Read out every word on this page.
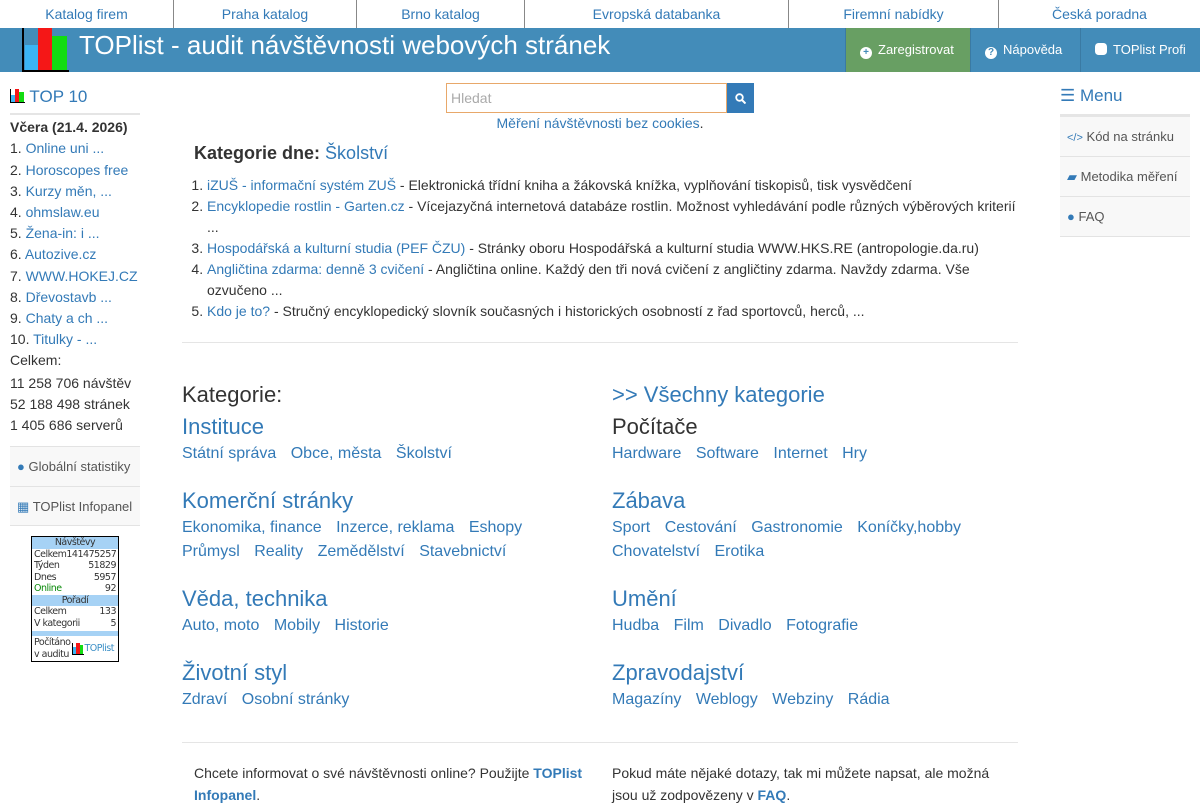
Katalog firem	Praha katalog	Brno katalog	Evropská databanka	Firemní nabídky	Česká poradna
TOPlist - audit návštěvnosti webových stránek	+ Zaregistrovat	? Nápověda	TOPlist Profi
TOP 10
Včera (21.4. 2026)
1. Online uni ...
2. Horoscopes free
3. Kurzy měn, ...
4. ohmslaw.eu
5. Žena-in: i ...
6. Autozive.cz
7. WWW.HOKEJ.CZ
8. Dřevostavb ...
9. Chaty a ch ...
10. Titulky - ...
Celkem:
11 258 706 návštěv
52 188 498 stránek
1 405 686 serverů
● Globální statistiky
▦ TOPlist Infopanel
Návštěvy
Celkem 141475257
Týden	51829
Dnes	5957
Online	92
Pořadí
Celkem	133
V kategorii	5
Počítáno
v auditu
TOPlist
Hledat
Měření návštěvnosti bez cookies.
Kategorie dne: Školství
1. iZUŠ - informační systém ZUŠ - Elektronická třídní kniha a žákovská knížka, vyplňování tiskopisů, tisk vysvědčení
2. Encyklopedie rostlin - Garten.cz - Vícejazyčná internetová databáze rostlin. Možnost vyhledávání podle různých výběrových kriterií ...
3. Hospodářská a kulturní studia (PEF ČZU) - Stránky oboru Hospodářská a kulturní studia WWW.HKS.RE (antropologie.da.ru)
4. Angličtina zdarma: denně 3 cvičení - Angličtina online. Každý den tři nová cvičení z angličtiny zdarma. Navždy zdarma. Vše ozvučeno ...
5. Kdo je to? - Stručný encyklopedický slovník současných i historických osobností z řad sportovců, herců, ...
Kategorie:
Instituce
Státní správa Obce, města Školství
Komerční stránky
Ekonomika, finance Inzerce, reklama Eshopy Průmysl Reality Zemědělství Stavebnictví
Věda, technika
Auto, moto Mobily Historie
Životní styl
Zdraví Osobní stránky
>> Všechny kategorie
Počítače
Hardware Software Internet Hry
Zábava
Sport Cestování Gastronomie Koníčky,hobby Chovatelství Erotika
Umění
Hudba Film Divadlo Fotografie
Zpravodajství
Magazíny Weblogy Webziny Rádia
Chcete informovat o své návštěvnosti online? Použijte TOPlist Infopanel.
Pokud máte nějaké dotazy, tak mi můžete napsat, ale možná jsou už zodpovězeny v FAQ.
☰ Menu
</> Kód na stránku
▰ Metodika měření
● FAQ
